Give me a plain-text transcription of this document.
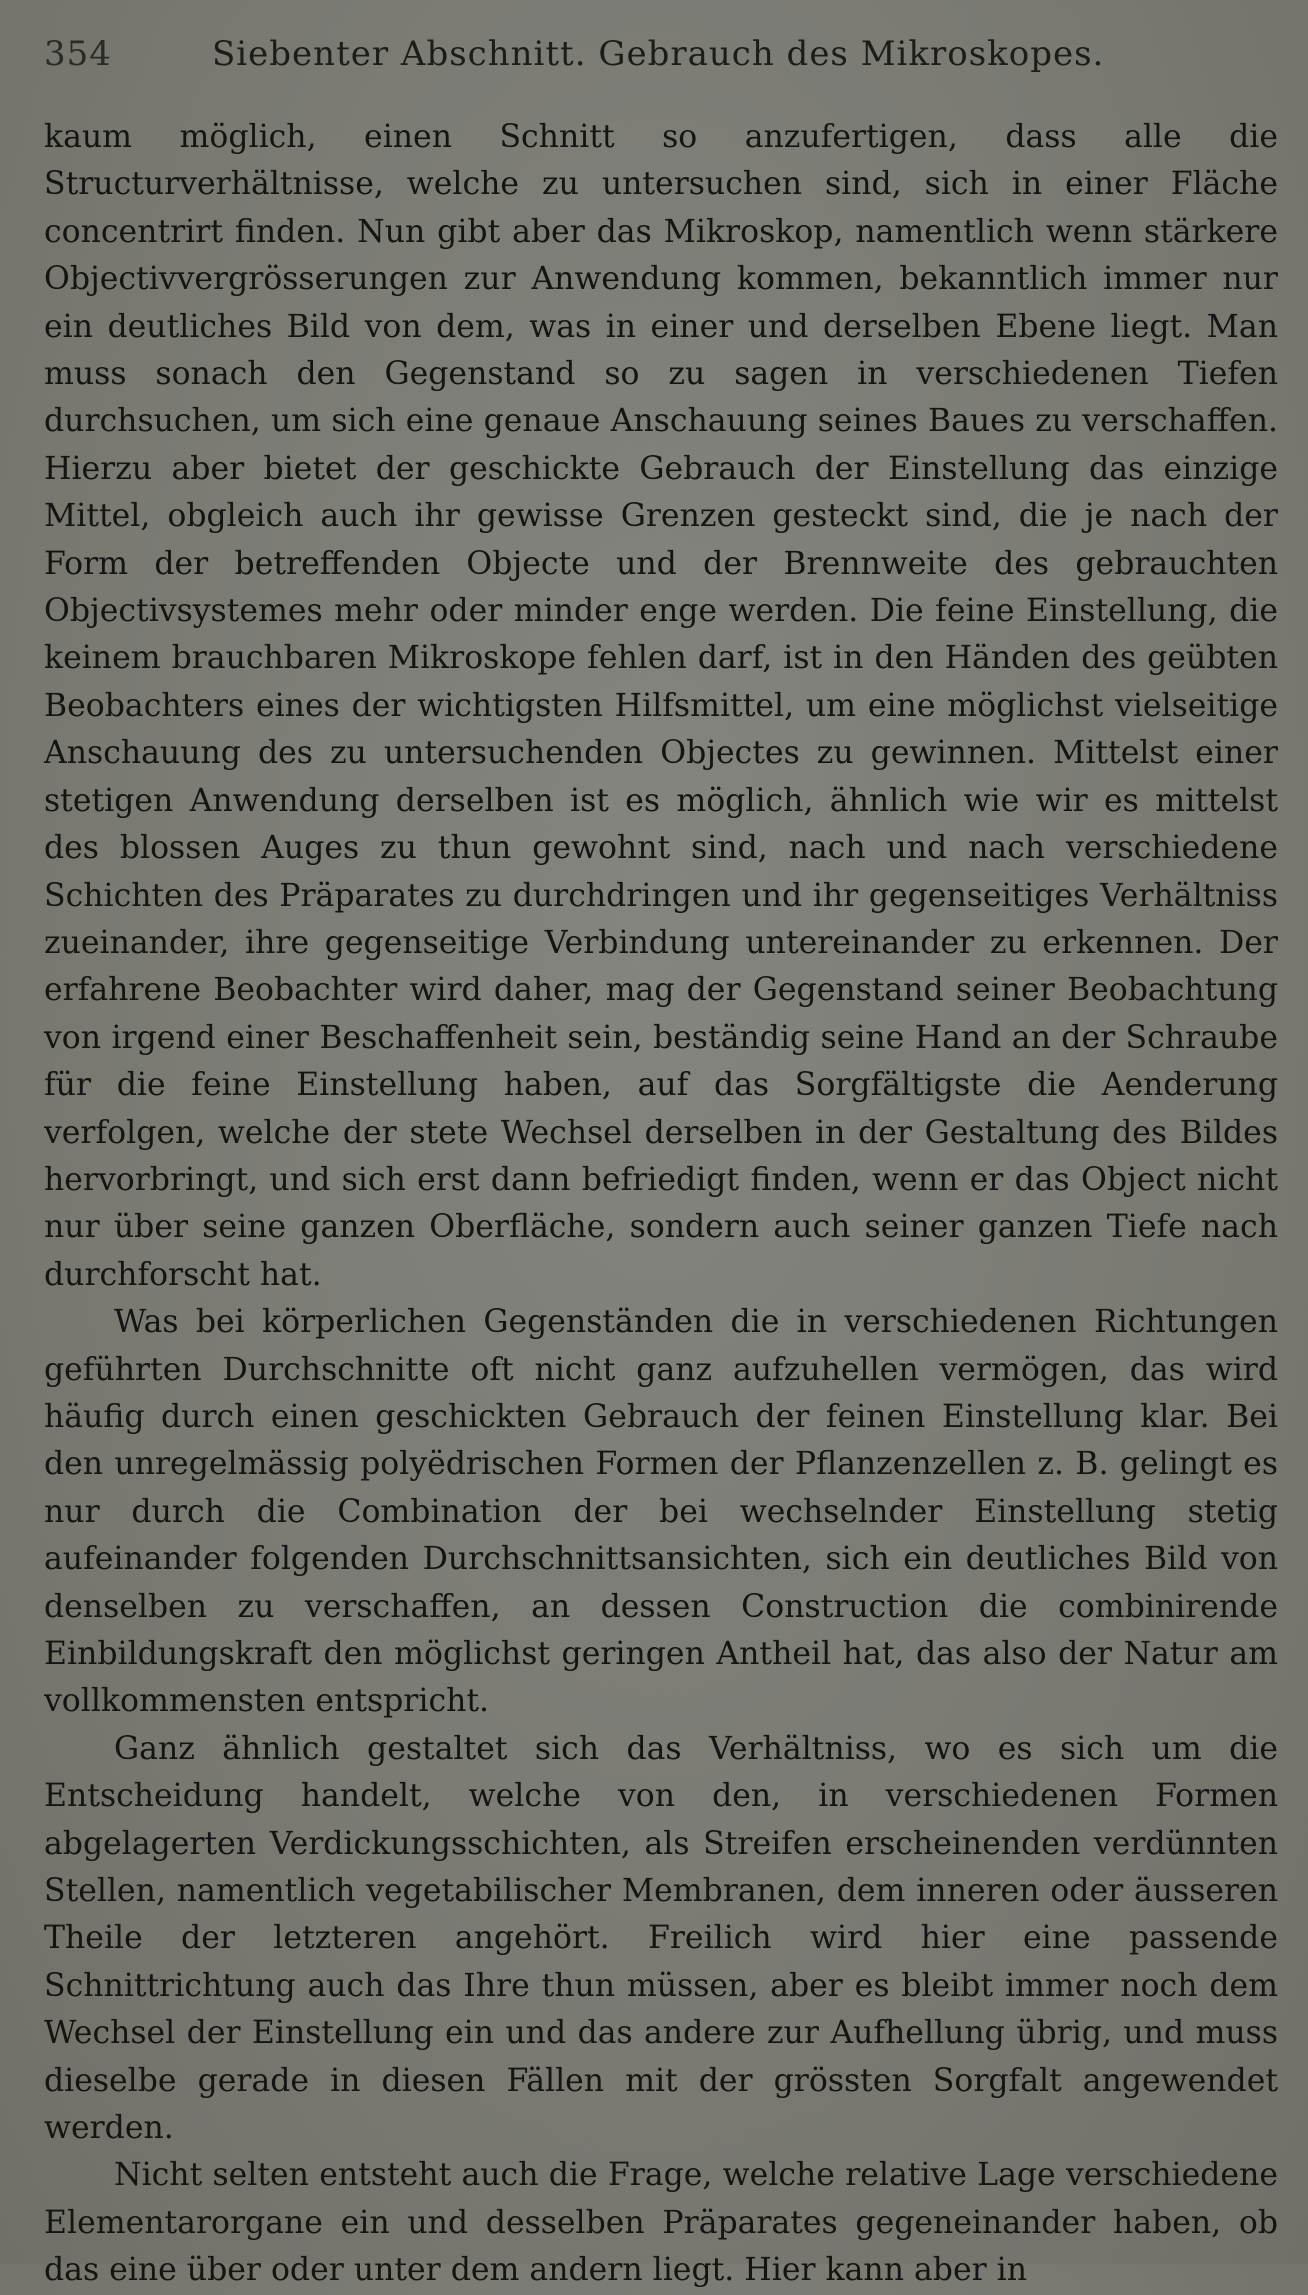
354	Siebenter Abschnitt. Gebrauch des Mikroskopes.

kaum möglich, einen Schnitt so anzufertigen, dass alle die Structurverhältnisse, welche zu untersuchen sind, sich in einer Fläche concentrirt finden. Nun gibt aber das Mikroskop, namentlich wenn stärkere Objectivvergrösserungen zur Anwendung kommen, bekanntlich immer nur ein deutliches Bild von dem, was in einer und derselben Ebene liegt. Man muss sonach den Gegenstand so zu sagen in verschiedenen Tiefen durchsuchen, um sich eine genaue Anschauung seines Baues zu verschaffen. Hierzu aber bietet der geschickte Gebrauch der Einstellung das einzige Mittel, obgleich auch ihr gewisse Grenzen gesteckt sind, die je nach der Form der betreffenden Objecte und der Brennweite des gebrauchten Objectivsystemes mehr oder minder enge werden. Die feine Einstellung, die keinem brauchbaren Mikroskope fehlen darf, ist in den Händen des geübten Beobachters eines der wichtigsten Hilfsmittel, um eine möglichst vielseitige Anschauung des zu untersuchenden Objectes zu gewinnen. Mittelst einer stetigen Anwendung derselben ist es möglich, ähnlich wie wir es mittelst des blossen Auges zu thun gewohnt sind, nach und nach verschiedene Schichten des Präparates zu durchdringen und ihr gegenseitiges Verhältniss zueinander, ihre gegenseitige Verbindung untereinander zu erkennen. Der erfahrene Beobachter wird daher, mag der Gegenstand seiner Beobachtung von irgend einer Beschaffenheit sein, beständig seine Hand an der Schraube für die feine Einstellung haben, auf das Sorgfältigste die Aenderung verfolgen, welche der stete Wechsel derselben in der Gestaltung des Bildes hervorbringt, und sich erst dann befriedigt finden, wenn er das Object nicht nur über seine ganzen Oberfläche, sondern auch seiner ganzen Tiefe nach durchforscht hat.

Was bei körperlichen Gegenständen die in verschiedenen Richtungen geführten Durchschnitte oft nicht ganz aufzuhellen vermögen, das wird häufig durch einen geschickten Gebrauch der feinen Einstellung klar. Bei den unregelmässig polyëdrischen Formen der Pflanzenzellen z. B. gelingt es nur durch die Combination der bei wechselnder Einstellung stetig aufeinander folgenden Durchschnittsansichten, sich ein deutliches Bild von denselben zu verschaffen, an dessen Construction die combinirende Einbildungskraft den möglichst geringen Antheil hat, das also der Natur am vollkommensten entspricht.

Ganz ähnlich gestaltet sich das Verhältniss, wo es sich um die Entscheidung handelt, welche von den, in verschiedenen Formen abgelagerten Verdickungsschichten, als Streifen erscheinenden verdünnten Stellen, namentlich vegetabilischer Membranen, dem inneren oder äusseren Theile der letzteren angehört. Freilich wird hier eine passende Schnittrichtung auch das Ihre thun müssen, aber es bleibt immer noch dem Wechsel der Einstellung ein und das andere zur Aufhellung übrig, und muss dieselbe gerade in diesen Fällen mit der grössten Sorgfalt angewendet werden.

Nicht selten entsteht auch die Frage, welche relative Lage verschiedene Elementarorgane ein und desselben Präparates gegeneinander haben, ob das eine über oder unter dem andern liegt. Hier kann aber in
